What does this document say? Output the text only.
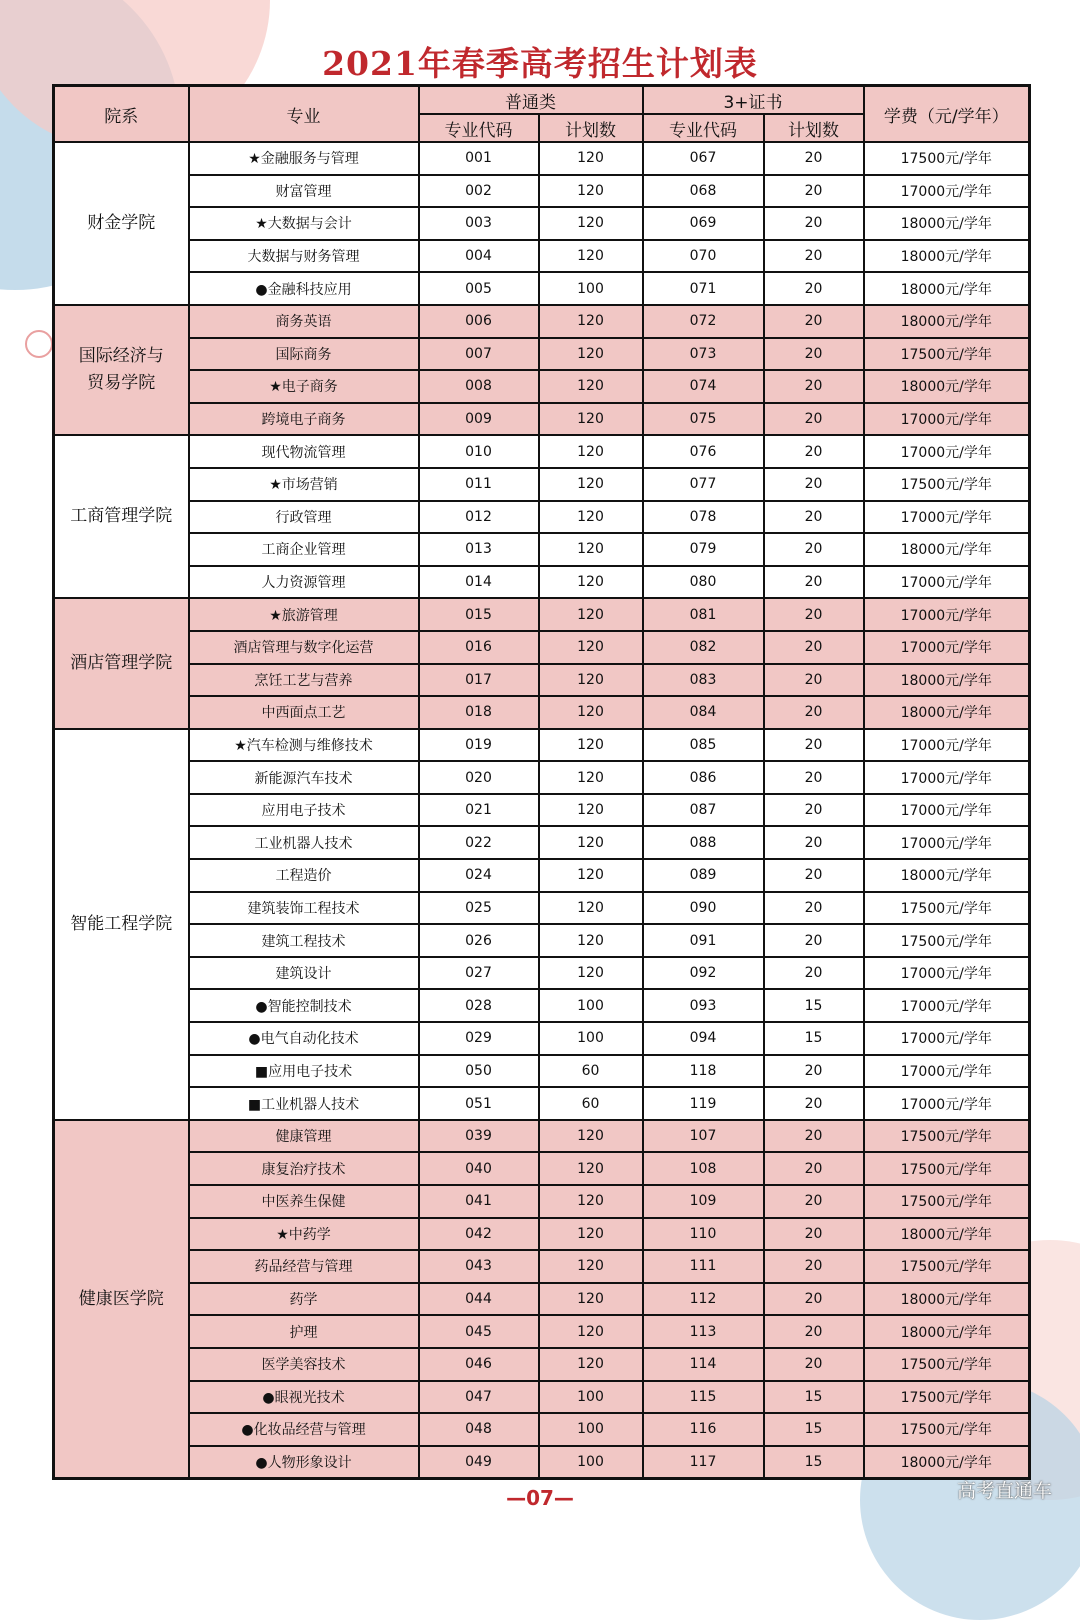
2021年春季高考招生计划表
院系	专业	普通类		3+证书		学费（元/学年）
		专业代码	计划数	专业代码	计划数	
财金学院	★金融服务与管理	001	120	067	20	17500元/学年
	财富管理	002	120	068	20	17000元/学年
	★大数据与会计	003	120	069	20	18000元/学年
	大数据与财务管理	004	120	070	20	18000元/学年
	●金融科技应用	005	100	071	20	18000元/学年
国际经济与
贸易学院	商务英语	006	120	072	20	18000元/学年
	国际商务	007	120	073	20	17500元/学年
	★电子商务	008	120	074	20	18000元/学年
	跨境电子商务	009	120	075	20	17000元/学年
工商管理学院	现代物流管理	010	120	076	20	17000元/学年
	★市场营销	011	120	077	20	17500元/学年
	行政管理	012	120	078	20	17000元/学年
	工商企业管理	013	120	079	20	18000元/学年
	人力资源管理	014	120	080	20	17000元/学年
酒店管理学院	★旅游管理	015	120	081	20	17000元/学年
	酒店管理与数字化运营	016	120	082	20	17000元/学年
	烹饪工艺与营养	017	120	083	20	18000元/学年
	中西面点工艺	018	120	084	20	18000元/学年
智能工程学院	★汽车检测与维修技术	019	120	085	20	17000元/学年
	新能源汽车技术	020	120	086	20	17000元/学年
	应用电子技术	021	120	087	20	17000元/学年
	工业机器人技术	022	120	088	20	17000元/学年
	工程造价	024	120	089	20	18000元/学年
	建筑装饰工程技术	025	120	090	20	17500元/学年
	建筑工程技术	026	120	091	20	17500元/学年
	建筑设计	027	120	092	20	17000元/学年
	●智能控制技术	028	100	093	15	17000元/学年
	●电气自动化技术	029	100	094	15	17000元/学年
	■应用电子技术	050	60	118	20	17000元/学年
	■工业机器人技术	051	60	119	20	17000元/学年
健康医学院	健康管理	039	120	107	20	17500元/学年
	康复治疗技术	040	120	108	20	17500元/学年
	中医养生保健	041	120	109	20	17500元/学年
	★中药学	042	120	110	20	18000元/学年
	药品经营与管理	043	120	111	20	17500元/学年
	药学	044	120	112	20	18000元/学年
	护理	045	120	113	20	18000元/学年
	医学美容技术	046	120	114	20	17500元/学年
	●眼视光技术	047	100	115	15	17500元/学年
	●化妆品经营与管理	048	100	116	15	17500元/学年
	●人物形象设计	049	100	117	15	18000元/学年
—07—	高考直通车
